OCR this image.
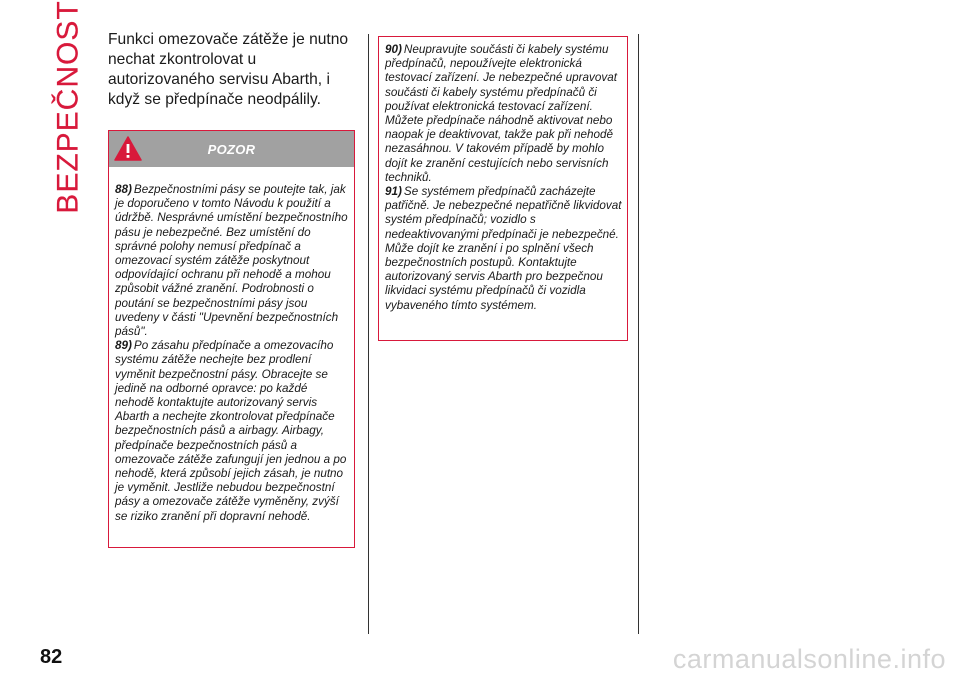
BEZPEČNOST Funkci omezovače zátěže je nutno nechat zkontrolovat u autorizovaného servisu Abarth, i když se předpínače neodpálily.
POZOR

88) Bezpečnostními pásy se poutejte tak, jak je doporučeno v tomto Návodu k použití a údržbě. Nesprávné umístění bezpečnostního pásu je nebezpečné. Bez umístění do správné polohy nemusí předpínač a omezovací systém zátěže poskytnout odpovídající ochranu při nehodě a mohou způsobit vážné zranění. Podrobnosti o poutání se bezpečnostními pásy jsou uvedeny v části "Upevnění bezpečnostních pásů".

89) Po zásahu předpínače a omezovacího systému zátěže nechejte bez prodlení vyměnit bezpečnostní pásy. Obracejte se jedině na odborné opravce: po každé nehodě kontaktujte autorizovaný servis Abarth a nechejte zkontrolovat předpínače bezpečnostních pásů a airbagy. Airbagy, předpínače bezpečnostních pásů a omezovače zátěže zafungují jen jednou a po nehodě, která způsobí jejich zásah, je nutno je vyměnit. Jestliže nebudou bezpečnostní pásy a omezovače zátěže vyměněny, zvýší se riziko zranění při dopravní nehodě.

90) Neupravujte součásti či kabely systému předpínačů, nepoužívejte elektronická testovací zařízení. Je nebezpečné upravovat součásti či kabely systému předpínačů či používat elektronická testovací zařízení. Můžete předpínače náhodně aktivovat nebo naopak je deaktivovat, takže pak při nehodě nezasáhnou. V takovém případě by mohlo dojít ke zranění cestujících nebo servisních techniků.

91) Se systémem předpínačů zacházejte patřičně. Je nebezpečné nepatřičně likvidovat systém předpínačů; vozidlo s nedeaktivovanými předpínači je nebezpečné. Může dojít ke zranění i po splnění všech bezpečnostních postupů. Kontaktujte autorizovaný servis Abarth pro bezpečnou likvidaci systému předpínačů či vozidla vybaveného tímto systémem.

82	carmanualsonline.info
